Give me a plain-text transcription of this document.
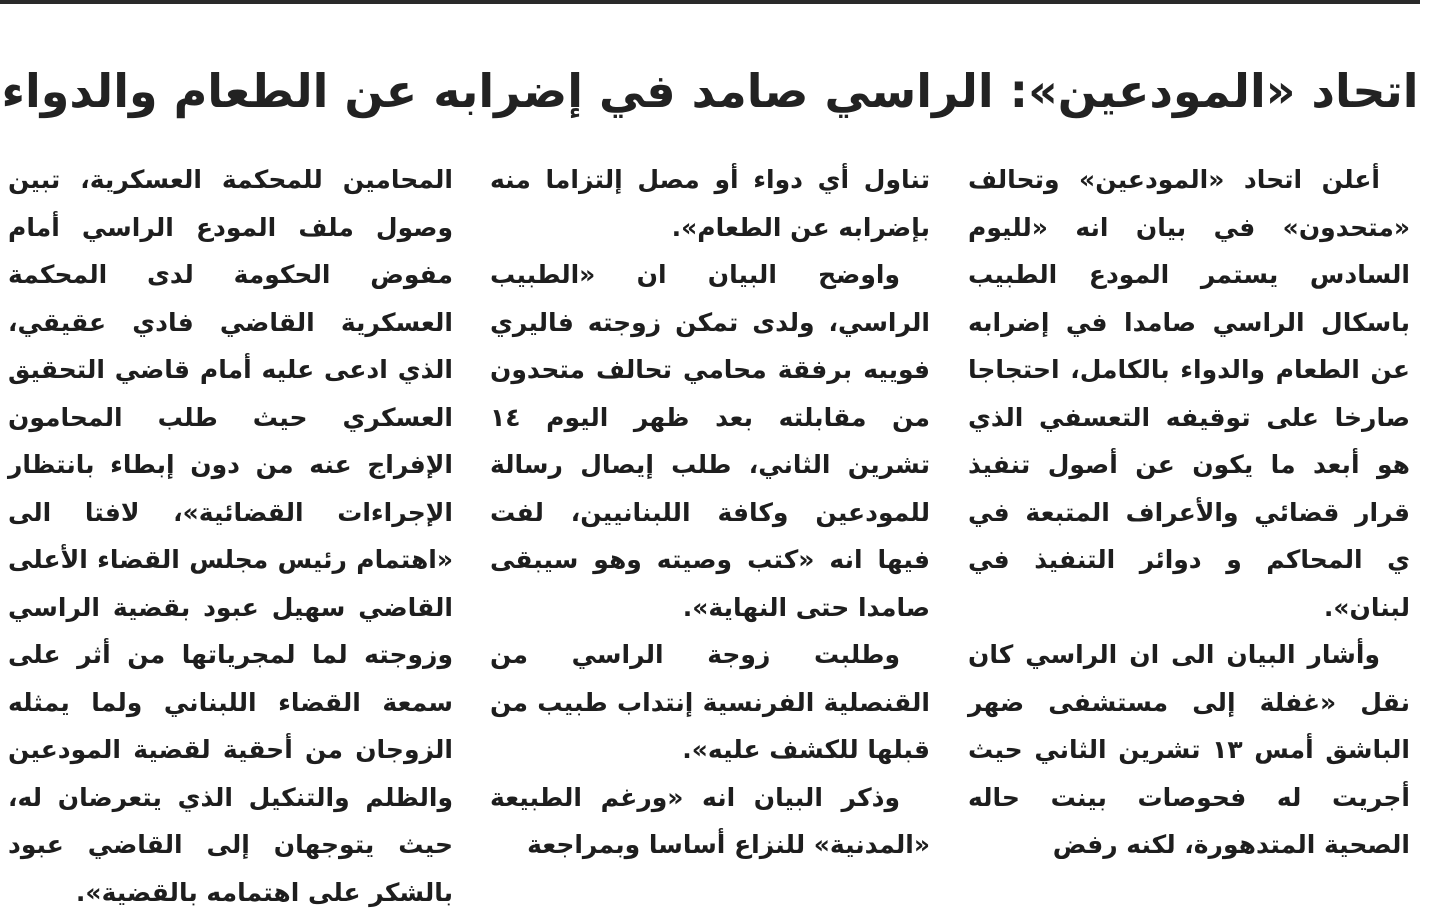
اتحاد «المودعين»: الراسي صامد في إضرابه عن الطعام والدواء

أعلن اتحاد «المودعين» وتحالف «متحدون» في بيان انه «لليوم السادس يستمر المودع الطبيب باسكال الراسي صامدا في إضرابه عن الطعام والدواء بالكامل، احتجاجا صارخا على توقيفه التعسفي الذي هو أبعد ما يكون عن أصول تنفيذ قرار قضائي والأعراف المتبعة في ي المحاكم و دوائر التنفيذ في لبنان».

وأشار البيان الى ان الراسي كان نقل «غفلة إلى مستشفى ضهر الباشق أمس ١٣ تشرين الثاني حيث أجريت له فحوصات بينت حاله الصحية المتدهورة، لكنه رفض

تناول أي دواء أو مصل إلتزاما منه بإضرابه عن الطعام».

واوضح البيان ان «الطبيب الراسي، ولدى تمكن زوجته فاليري فوييه برفقة محامي تحالف متحدون من مقابلته بعد ظهر اليوم ١٤ تشرين الثاني، طلب إيصال رسالة للمودعين وكافة اللبنانيين، لفت فيها انه «كتب وصيته وهو سيبقى صامدا حتى النهاية».

وطلبت زوجة الراسي من القنصلية الفرنسية إنتداب طبيب من قبلها للكشف عليه».

وذكر البيان انه «ورغم الطبيعة «المدنية» للنزاع أساسا وبمراجعة

المحامين للمحكمة العسكرية، تبين وصول ملف المودع الراسي أمام مفوض الحكومة لدى المحكمة العسكرية القاضي فادي عقيقي، الذي ادعى عليه أمام قاضي التحقيق العسكري حيث طلب المحامون الإفراج عنه من دون إبطاء بانتظار الإجراءات القضائية»، لافتا الى «اهتمام رئيس مجلس القضاء الأعلى القاضي سهيل عبود بقضية الراسي وزوجته لما لمجرياتها من أثر على سمعة القضاء اللبناني ولما يمثله الزوجان من أحقية لقضية المودعين والظلم والتنكيل الذي يتعرضان له، حيث يتوجهان إلى القاضي عبود بالشكر على اهتمامه بالقضية».
